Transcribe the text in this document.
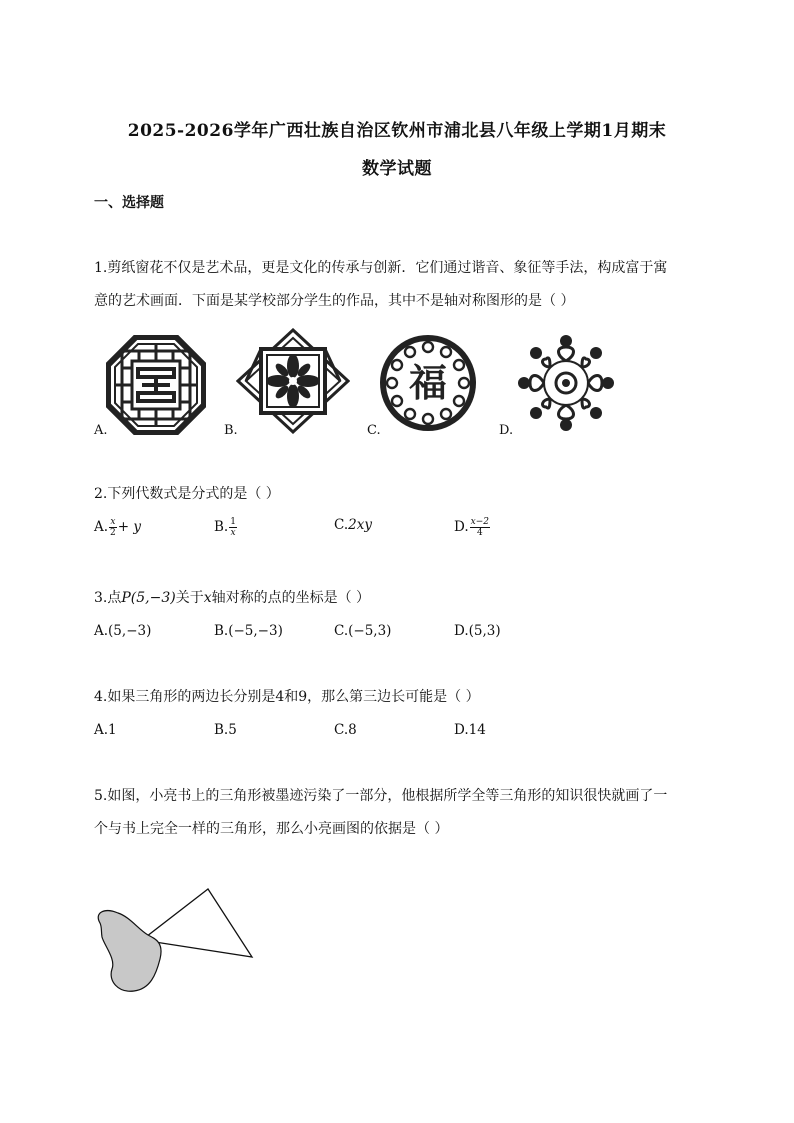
2025-2026学年广西壮族自治区钦州市浦北县八年级上学期1月期末
数学试题
一、选择题
1.剪纸窗花不仅是艺术品，更是文化的传承与创新．它们通过谐音、象征等手法，构成富于寓
意的艺术画面．下面是某学校部分学生的作品，其中不是轴对称图形的是（ ）
A.	B.
福
C.	D.
2.下列代数式是分式的是（ ）
A. $\frac{x}{2} + y$	B. $\frac{1}{x}$	C.2xy	D. $\frac{x-2}{4}$
3.点P(5,−3)关于x轴对称的点的坐标是（ ）
A.(5,−3)	B.(−5,−3)	C.(−5,3)	D.(5,3)
4.如果三角形的两边长分别是4和9，那么第三边长可能是（ ）
A.1	B.5	C.8	D.14
5.如图，小亮书上的三角形被墨迹污染了一部分，他根据所学全等三角形的知识很快就画了一
个与书上完全一样的三角形，那么小亮画图的依据是（ ）
